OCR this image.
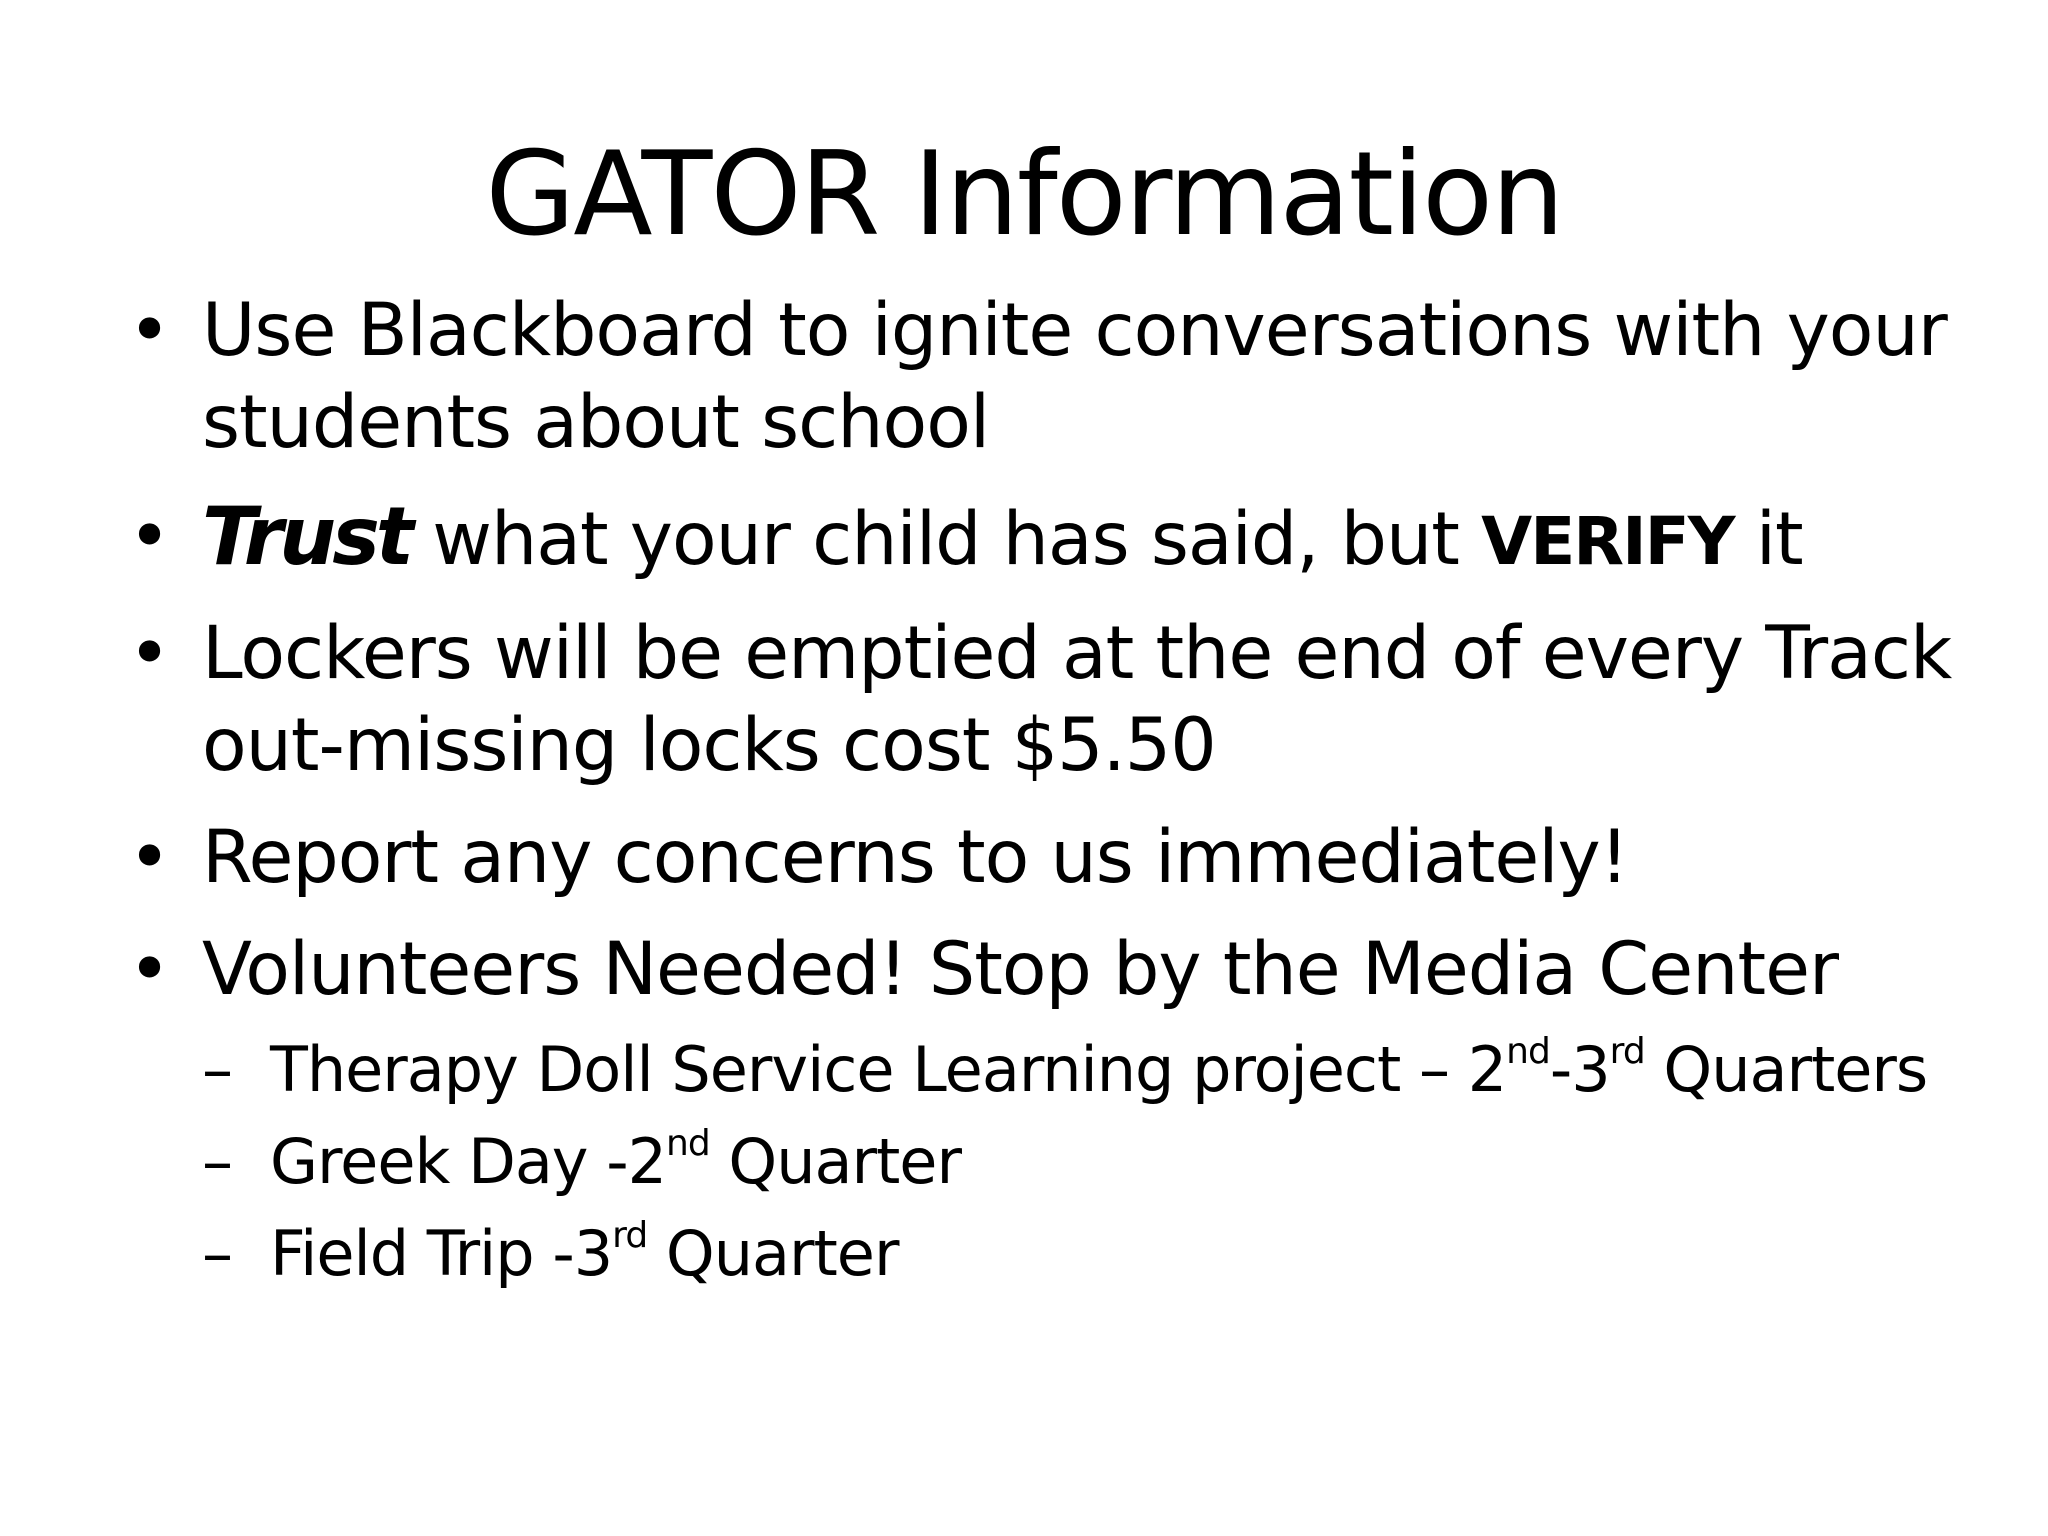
GATOR Information
• Use Blackboard to ignite conversations with your students about school
• Trust what your child has said, but VERIFY it
• Lockers will be emptied at the end of every Track out-missing locks cost $5.50
• Report any concerns to us immediately!
• Volunteers Needed! Stop by the Media Center
– Therapy Doll Service Learning project – 2nd-3rd Quarters
– Greek Day -2nd Quarter
– Field Trip -3rd Quarter
